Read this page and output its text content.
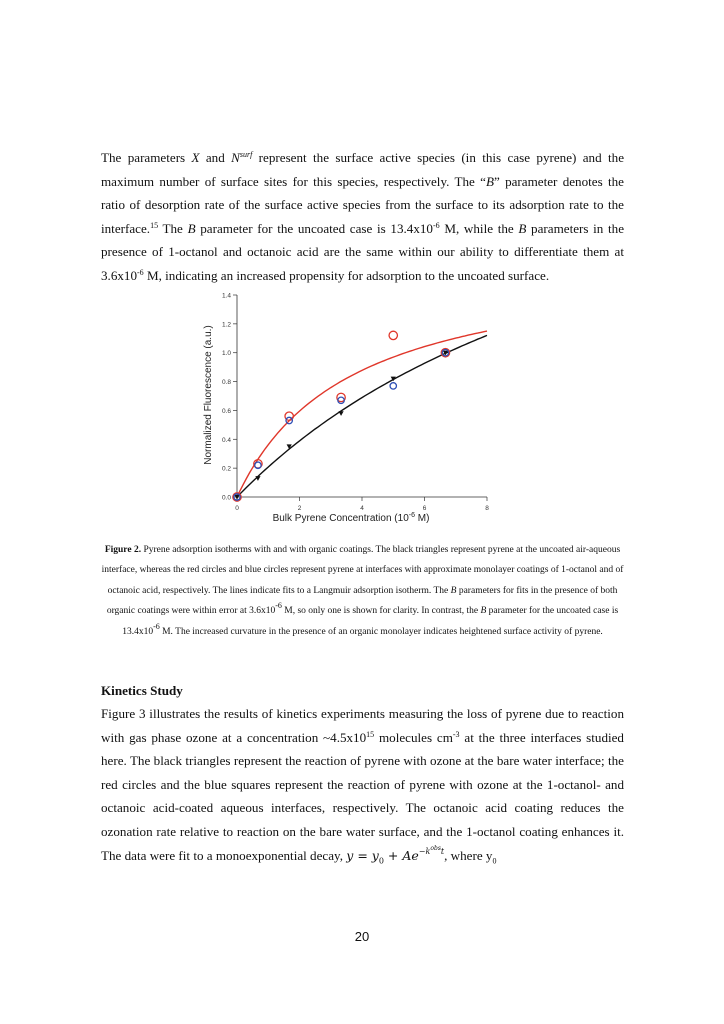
The parameters X and $N^{surf}$ represent the surface active species (in this case pyrene) and the maximum number of surface sites for this species, respectively. The “B” parameter denotes the ratio of desorption rate of the surface active species from the surface to its adsorption rate to the interface.$^{15}$ The B parameter for the uncoated case is $13.4x10^{-6}$ M, while the B parameters in the presence of 1-octanol and octanoic acid are the same within our ability to differentiate them at $3.6x10^{-6}$ M, indicating an increased propensity for adsorption to the uncoated surface.

0.0
0.2
0.4
0.6
0.8
1.0
1.2
1.4
0	2	4	6	8
Normalized Fluorescence (a.u.)
Bulk Pyrene Concentration ($10^{-6}$ M)

Figure 2. Pyrene adsorption isotherms with and with organic coatings. The black triangles represent pyrene at the uncoated air-aqueous interface, whereas the red circles and blue circles represent pyrene at interfaces with approximate monolayer coatings of 1-octanol and of octanoic acid, respectively. The lines indicate fits to a Langmuir adsorption isotherm. The B parameters for fits in the presence of both organic coatings were within error at $3.6x10^{-6}$ M, so only one is shown for clarity. In contrast, the B parameter for the uncoated case is $13.4x10^{-6}$ M. The increased curvature in the presence of an organic monolayer indicates heightened surface activity of pyrene.

Kinetics Study

Figure 3 illustrates the results of kinetics experiments measuring the loss of pyrene due to reaction with gas phase ozone at a concentration $\sim 4.5x10^{15}$ molecules $cm^{-3}$ at the three interfaces studied here. The black triangles represent the reaction of pyrene with ozone at the bare water interface; the red circles and the blue squares represent the reaction of pyrene with ozone at the 1-octanol- and octanoic acid-coated aqueous interfaces, respectively. The octanoic acid coating reduces the ozonation rate relative to reaction on the bare water surface, and the 1-octanol coating enhances it. The data were fit to a monoexponential decay, $y = y_0 + Ae^{-k^{obs}t}$, where $y_0$

20
